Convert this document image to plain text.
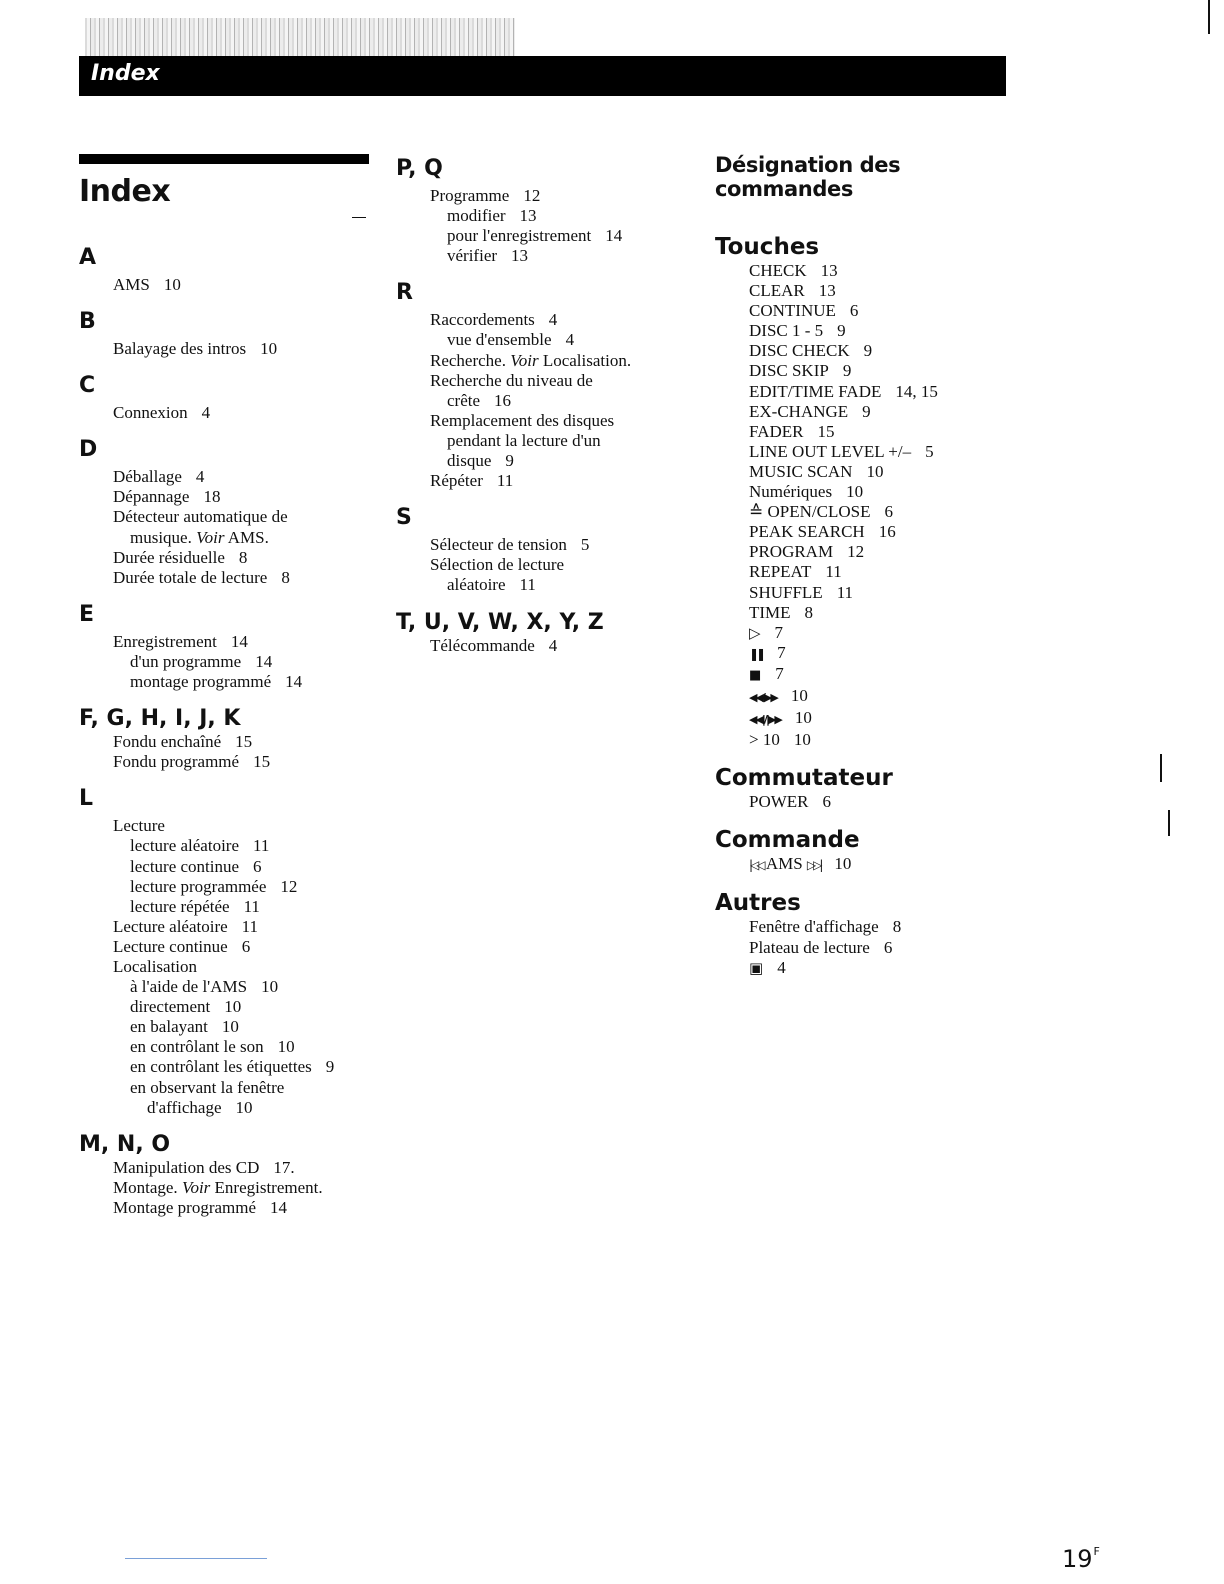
Index
Index
A
AMS 10
B
Balayage des intros 10
C
Connexion 4
D
Déballage 4
Dépannage 18
Détecteur automatique de
musique. Voir AMS.
Durée résiduelle 8
Durée totale de lecture 8
E
Enregistrement 14
d'un programme 14
montage programmé 14
F, G, H, I, J, K
Fondu enchaîné 15
Fondu programmé 15
L
Lecture
lecture aléatoire 11
lecture continue 6
lecture programmée 12
lecture répétée 11
Lecture aléatoire 11
Lecture continue 6
Localisation
à l'aide de l'AMS 10
directement 10
en balayant 10
en contrôlant le son 10
en contrôlant les étiquettes 9
en observant la fenêtre
d'affichage 10
M, N, O
Manipulation des CD 17.
Montage. Voir Enregistrement.
Montage programmé 14
P, Q
Programme 12
modifier 13
pour l'enregistrement 14
vérifier 13
R
Raccordements 4
vue d'ensemble 4
Recherche. Voir Localisation.
Recherche du niveau de
crête 16
Remplacement des disques
pendant la lecture d'un
disque 9
Répéter 11
S
Sélecteur de tension 5
Sélection de lecture
aléatoire 11
T, U, V, W, X, Y, Z
Télécommande 4
Désignation des commandes
Touches
CHECK 13
CLEAR 13
CONTINUE 6
DISC 1 - 5 9
DISC CHECK 9
DISC SKIP 9
EDIT/TIME FADE 14, 15
EX-CHANGE 9
FADER 15
LINE OUT LEVEL +/– 5
MUSIC SCAN 10
Numériques 10
≙ OPEN/CLOSE 6
PEAK SEARCH 16
PROGRAM 12
REPEAT 11
SHUFFLE 11
TIME 8
▷ 7
❚❚ 7
■ 7
◀◀/▶▶ 10
◀◀|/|▶▶ 10
> 10 10
Commutateur
POWER 6
Commande
|◁◁ AMS ▷▷| 10
Autres
Fenêtre d'affichage 8
Plateau de lecture 6
▣ 4
$19^F$
